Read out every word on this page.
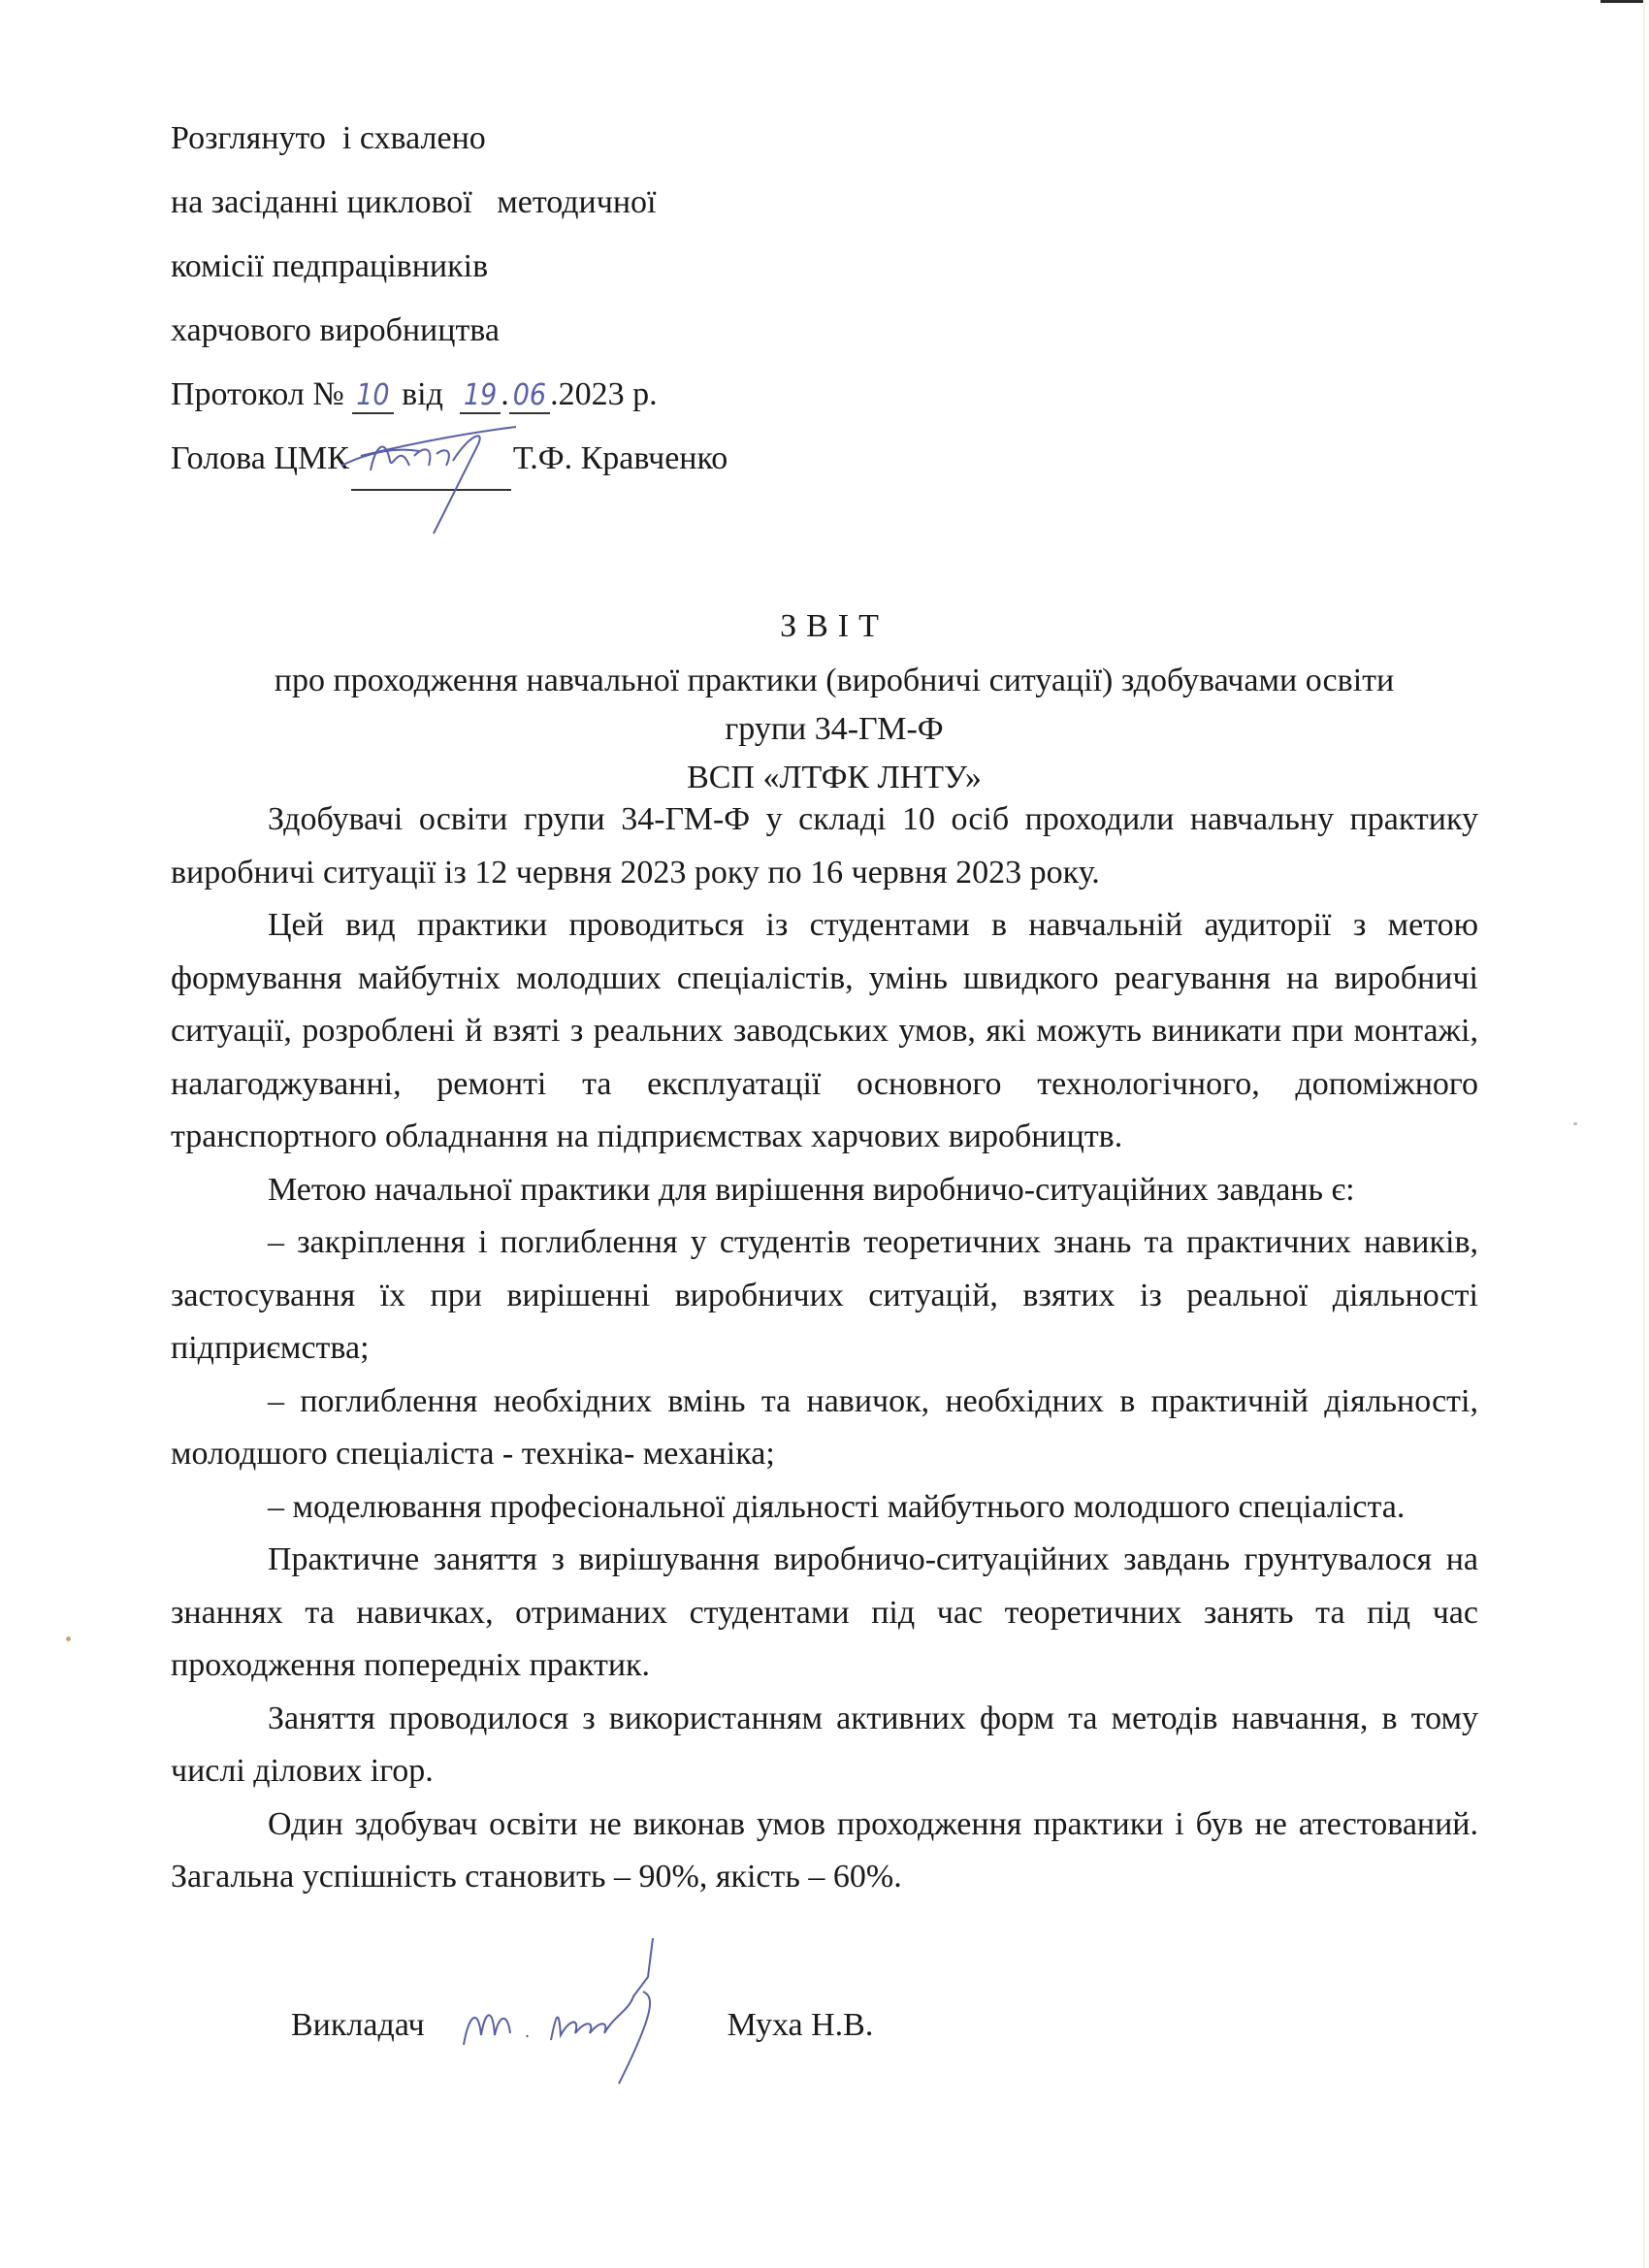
Розглянуто  і схвалено
на засіданні циклової   методичної
комісії педпрацівників
харчового виробництва
Протокол № 10 від 19 . 06 .2023 р.
Голова ЦМК	Т.Ф. Кравченко
ЗВІТ
про проходження навчальної практики (виробничі ситуації) здобувачами освіти
групи 34-ГМ-Ф
ВСП «ЛТФК ЛНТУ»

Здобувачі освіти групи 34-ГМ-Ф у складі 10 осіб проходили навчальну практику виробничі ситуації із 12 червня 2023 року по 16 червня 2023 року.

Цей вид практики проводиться із студентами в навчальній аудиторії з метою формування майбутніх молодших спеціалістів, умінь швидкого реагування на виробничі ситуації, розроблені й взяті з реальних заводських умов, які можуть виникати при монтажі, налагоджуванні, ремонті та експлуатації основного технологічного, допоміжного транспортного обладнання на підприємствах харчових виробництв.

Метою начальної практики для вирішення виробничо-ситуаційних завдань є:

– закріплення і поглиблення у студентів теоретичних знань та практичних навиків, застосування їх при вирішенні виробничих ситуацій, взятих із реальної діяльності підприємства;

– поглиблення необхідних вмінь та навичок, необхідних в практичній діяльності, молодшого спеціаліста - техніка- механіка;

– моделювання професіональної діяльності майбутнього молодшого спеціаліста.

Практичне заняття з вирішування виробничо-ситуаційних завдань грунтувалося на знаннях та навичках, отриманих студентами під час теоретичних занять та під час проходження попередніх практик.

Заняття проводилося з використанням активних форм та методів навчання, в тому числі ділових ігор.

Один здобувач освіти не виконав умов проходження практики і був не атестований. Загальна успішність становить – 90%, якість – 60%.

Викладач	Муха Н.В.
